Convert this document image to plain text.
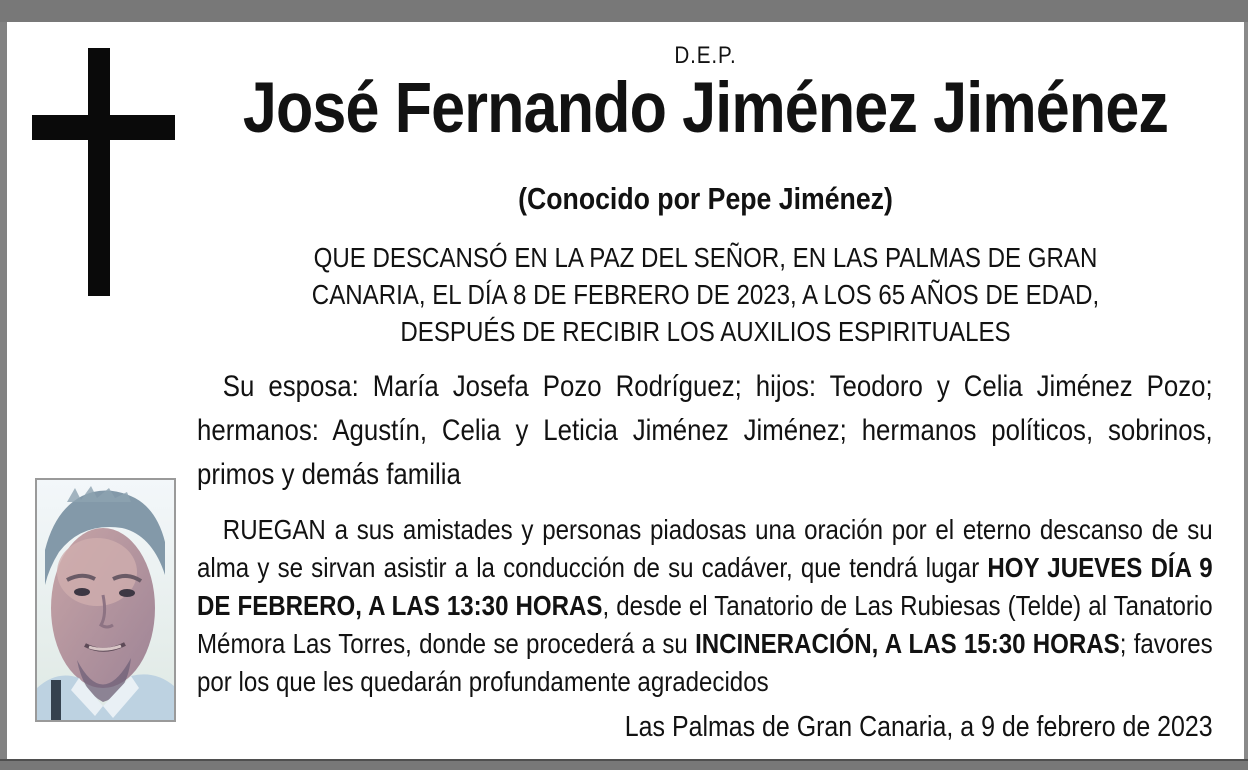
D.E.P.
José Fernando Jiménez Jiménez
(Conocido por Pepe Jiménez)
QUE DESCANSÓ EN LA PAZ DEL SEÑOR, EN LAS PALMAS DE GRAN
CANARIA, EL DÍA 8 DE FEBRERO DE 2023, A LOS 65 AÑOS DE EDAD,
DESPUÉS DE RECIBIR LOS AUXILIOS ESPIRITUALES
Su esposa: María Josefa Pozo Rodríguez; hijos: Teodoro y Celia Jiménez Pozo; hermanos: Agustín, Celia y Leticia Jiménez Jiménez; hermanos políticos, sobrinos, primos y demás familia
RUEGAN a sus amistades y personas piadosas una oración por el eterno descanso de su alma y se sirvan asistir a la conducción de su cadáver, que tendrá lugar HOY JUEVES DÍA 9 DE FEBRERO, A LAS 13:30 HORAS, desde el Tanatorio de Las Rubiesas (Telde) al Tanatorio Mémora Las Torres, donde se procederá a su INCINERACIÓN, A LAS 15:30 HORAS; favores por los que les quedarán profundamente agradecidos
Las Palmas de Gran Canaria, a 9 de febrero de 2023
